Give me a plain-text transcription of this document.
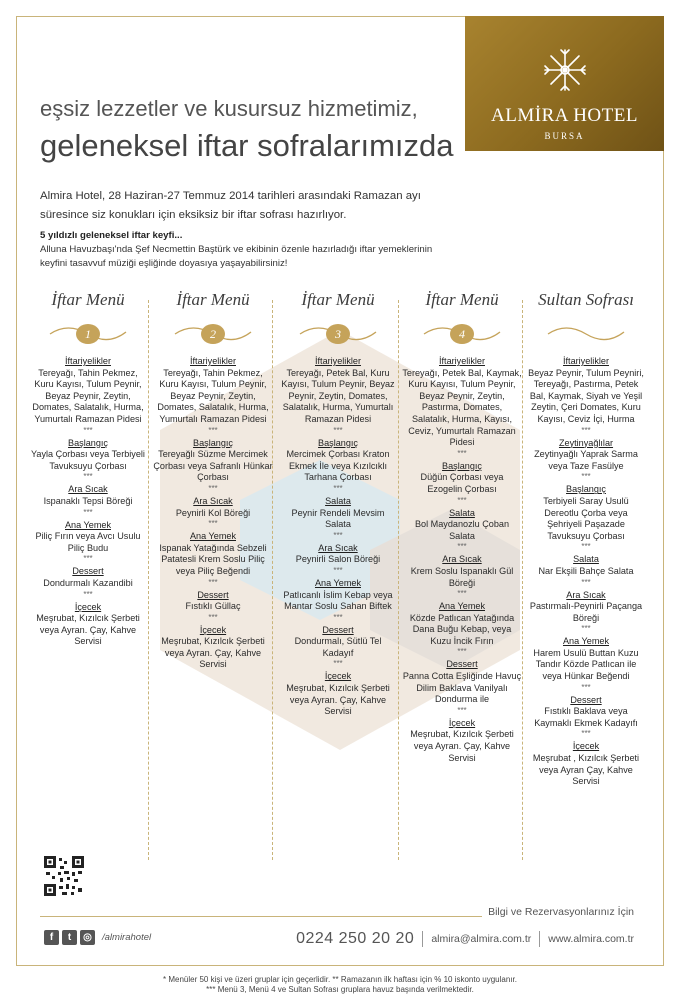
ALMİRA HOTEL
BURSA
eşsiz lezzetler ve kusursuz hizmetimiz,
geleneksel iftar sofralarımızda
Almira Hotel, 28 Haziran-27 Temmuz 2014 tarihleri arasındaki Ramazan ayı süresince siz konukları için eksiksiz bir iftar sofrası hazırlıyor.
5 yıldızlı geleneksel iftar keyfi...
Alluna Havuzbaşı'nda Şef Necmettin Baştürk ve ekibinin özenle hazırladığı iftar yemeklerinin keyfini tasavvuf müziği eşliğinde doyasıya yaşayabilirsiniz!
İftar Menü
1
İftariyelikler
Tereyağı, Tahin Pekmez, Kuru Kayısı, Tulum Peynir, Beyaz Peynir, Zeytin, Domates, Salatalık, Hurma, Yumurtalı Ramazan Pidesi
***
Başlangıç
Yayla Çorbası veya Terbiyeli Tavuksuyu Çorbası
***
Ara Sıcak
Ispanaklı Tepsi Böreği
***
Ana Yemek
Piliç Fırın veya Avcı Usulu Piliç Budu
***
Dessert
Dondurmalı Kazandibi
***
İçecek
Meşrubat, Kızılcık Şerbeti veya Ayran. Çay, Kahve Servisi
İftar Menü
2
İftariyelikler
Tereyağı, Tahin Pekmez, Kuru Kayısı, Tulum Peynir, Beyaz Peynir, Zeytin, Domates, Salatalık, Hurma, Yumurtalı Ramazan Pidesi
***
Başlangıç
Tereyağlı Süzme Mercimek Çorbası veya Safranlı Hünkar Çorbası
***
Ara Sıcak
Peynirli Kol Böreği
***
Ana Yemek
Ispanak Yatağında Sebzeli Patatesli Krem Soslu Piliç veya Piliç Beğendi
***
Dessert
Fıstıklı Güllaç
***
İçecek
Meşrubat, Kızılcık Şerbeti veya Ayran. Çay, Kahve Servisi
İftar Menü
3
İftariyelikler
Tereyağı, Petek Bal, Kuru Kayısı, Tulum Peynir, Beyaz Peynir, Zeytin, Domates, Salatalık, Hurma, Yumurtalı Ramazan Pidesi
***
Başlangıç
Mercimek Çorbası Kraton Ekmek İle veya Kızılcıklı Tarhana Çorbası
***
Salata
Peynir Rendeli Mevsim Salata
***
Ara Sıcak
Peynirli Salon Böreği
***
Ana Yemek
Patlıcanlı İslim Kebap veya Mantar Soslu Sahan Biftek
***
Dessert
Dondurmalı, Sütlü Tel Kadayıf
***
İçecek
Meşrubat, Kızılcık Şerbeti veya Ayran. Çay, Kahve Servisi
İftar Menü
4
İftariyelikler
Tereyağı, Petek Bal, Kaymak, Kuru Kayısı, Tulum Peynir, Beyaz Peynir, Zeytin, Pastırma, Domates, Salatalık, Hurma, Kayısı, Ceviz, Yumurtalı Ramazan Pidesi
***
Başlangıç
Düğün Çorbası veya Ezogelin Çorbası
***
Salata
Bol Maydanozlu Çoban Salata
***
Ara Sıcak
Krem Soslu Ispanaklı Gül Böreği
***
Ana Yemek
Közde Patlıcan Yatağında Dana Buğu Kebap, veya Kuzu İncik Fırın
***
Dessert
Panna Cotta Eşliğinde Havuç Dilim Baklava Vanilyalı Dondurma ile
***
İçecek
Meşrubat, Kızılcık Şerbeti veya Ayran. Çay, Kahve Servisi
Sultan Sofrası
İftariyelikler
Beyaz Peynir, Tulum Peyniri, Tereyağı, Pastırma, Petek Bal, Kaymak, Siyah ve Yeşil Zeytin, Çeri Domates, Kuru Kayısı, Ceviz İçi, Hurma
***
Zeytinyağlılar
Zeytinyağlı Yaprak Sarma veya Taze Fasülye
***
Başlangıç
Terbiyeli Saray Usulü Dereotlu Çorba veya Şehriyeli Paşazade Tavuksuyu Çorbası
***
Salata
Nar Ekşili Bahçe Salata
***
Ara Sıcak
Pastırmalı-Peynirli Paçanga Böreği
***
Ana Yemek
Harem Usulü Buttan Kuzu Tandır Közde Patlıcan ile veya Hünkar Beğendi
***
Dessert
Fıstıklı Baklava veya Kaymaklı Ekmek Kadayıfı
***
İçecek
Meşrubat , Kızılcık Şerbeti veya Ayran Çay, Kahve Servisi
Bilgi ve Rezervasyonlarınız İçin
f	t	◎	/almirahotel	0224 250 20 20 almira@almira.com.tr www.almira.com.tr
* Menüler 50 kişi ve üzeri gruplar için geçerlidir. ** Ramazanın ilk haftası için % 10 iskonto uygulanır.
*** Menü 3, Menü 4 ve Sultan Sofrası gruplara havuz başında verilmektedir.
